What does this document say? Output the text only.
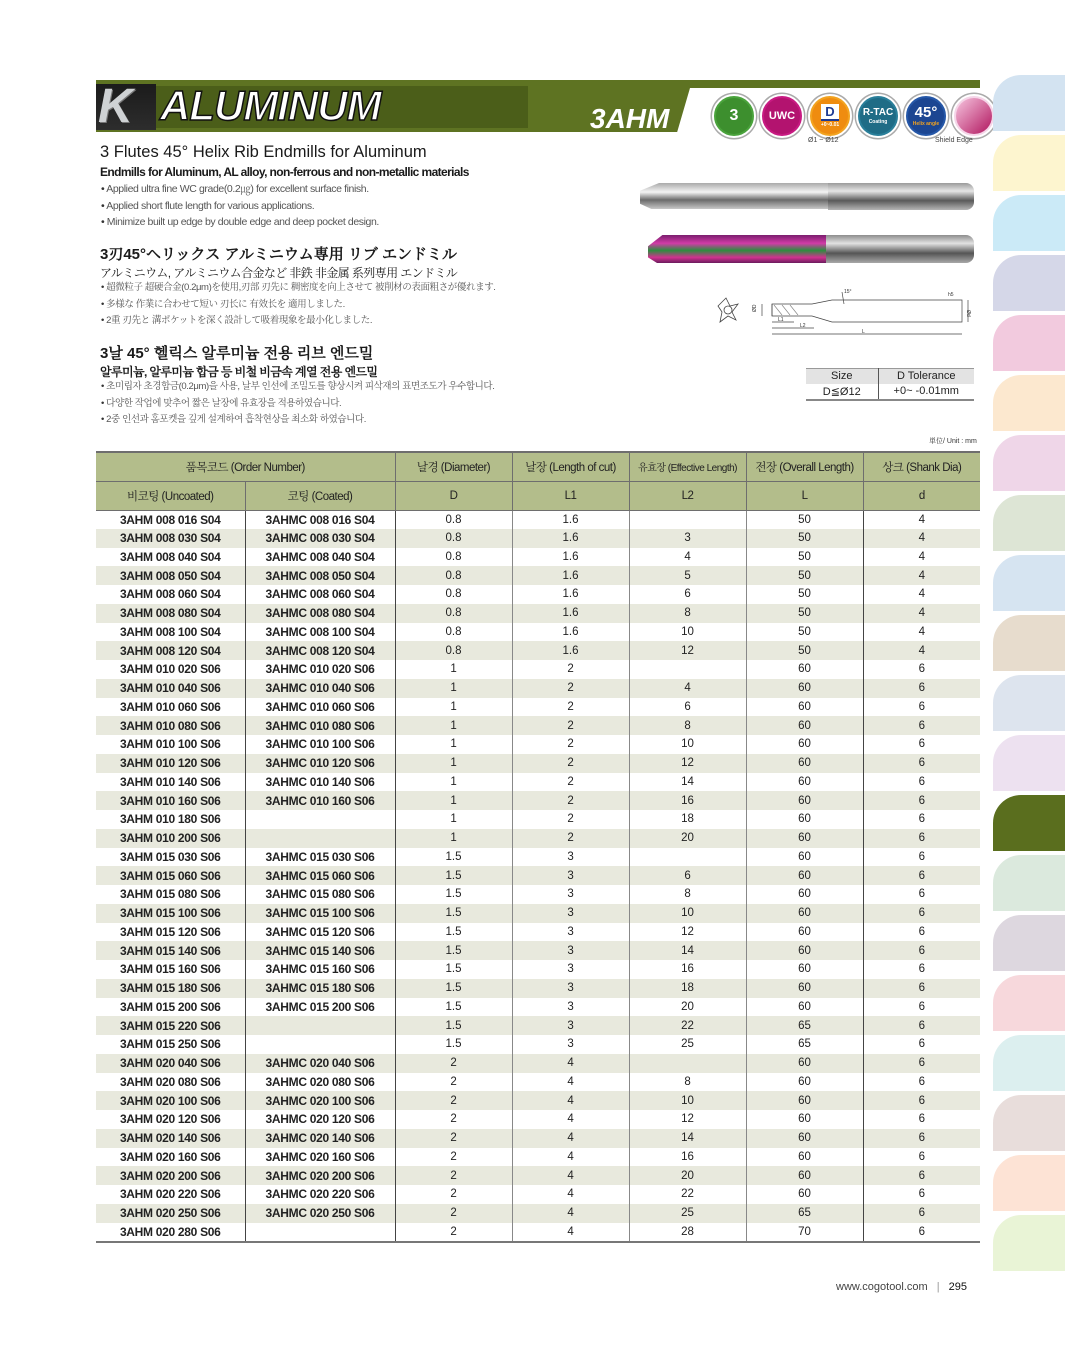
K ALUMINUM	3AHM	3	UWC	D
+0~0.01
R-TAC
Coating
45°
Helix angle
Ø1 ~ Ø12	Shield Edge
3 Flutes 45° Helix Rib Endmills for Aluminum
Endmills for Aluminum, AL alloy, non-ferrous and non-metallic materials
• Applied ultra fine WC grade(0.2㎍) for excellent surface finish.
• Applied short flute length for various applications.
• Minimize built up edge by double edge and deep pocket design.
3刃45°ヘリックス アルミニウム専用 リブ エンドミル
アルミニウム, アルミニウム合金など 非鉄 非金属 系列専用 エンドミル
• 超微粒子 超硬合金(0.2μm)を使用,刃部 刃先に 稠密度を向上させて 被削材の表面粗さが優れます.
• 多様な 作業に合わせて短い 刃长に 有效长を 適用しました.
• 2重 刃先と 溝ポケットを深く設計して吸着現象を最小化しました.
3날 45° 헬릭스 알루미늄 전용 리브 엔드밀
알루미늄, 알루미늄 합금 등 비철 비금속 계열 전용 엔드밀
• 초미립자 초경합금(0.2μm)을 사용, 날부 인선에 조밀도를 향상시켜 피삭재의 표면조도가 우수합니다.
• 다양한 작업에 맞추어 짧은 날장에 유효장을 적용하였습니다.
• 2중 인선과 홈포켓을 깊게 설계하여 흡착현상을 최소화 하였습니다.
ØD
Ød
L1
L2
L
15°	h5
Size	D Tolerance
D≦Ø12	+0~ -0.01mm
単位/ Unit : mm
품목코드 (Order Number)		날경 (Diameter)	날장 (Length of cut)	유효장 (Effective Length)	전장 (Overall Length)	상크 (Shank Dia)
비코팅 (Uncoated)	코팅 (Coated)	D	L1	L2	L	d
3AHM 008 016 S04	3AHMC 008 016 S04	0.8	1.6		50	4
3AHM 008 030 S04	3AHMC 008 030 S04	0.8	1.6	3	50	4
3AHM 008 040 S04	3AHMC 008 040 S04	0.8	1.6	4	50	4
3AHM 008 050 S04	3AHMC 008 050 S04	0.8	1.6	5	50	4
3AHM 008 060 S04	3AHMC 008 060 S04	0.8	1.6	6	50	4
3AHM 008 080 S04	3AHMC 008 080 S04	0.8	1.6	8	50	4
3AHM 008 100 S04	3AHMC 008 100 S04	0.8	1.6	10	50	4
3AHM 008 120 S04	3AHMC 008 120 S04	0.8	1.6	12	50	4
3AHM 010 020 S06	3AHMC 010 020 S06	1	2		60	6
3AHM 010 040 S06	3AHMC 010 040 S06	1	2	4	60	6
3AHM 010 060 S06	3AHMC 010 060 S06	1	2	6	60	6
3AHM 010 080 S06	3AHMC 010 080 S06	1	2	8	60	6
3AHM 010 100 S06	3AHMC 010 100 S06	1	2	10	60	6
3AHM 010 120 S06	3AHMC 010 120 S06	1	2	12	60	6
3AHM 010 140 S06	3AHMC 010 140 S06	1	2	14	60	6
3AHM 010 160 S06	3AHMC 010 160 S06	1	2	16	60	6
3AHM 010 180 S06		1	2	18	60	6
3AHM 010 200 S06		1	2	20	60	6
3AHM 015 030 S06	3AHMC 015 030 S06	1.5	3		60	6
3AHM 015 060 S06	3AHMC 015 060 S06	1.5	3	6	60	6
3AHM 015 080 S06	3AHMC 015 080 S06	1.5	3	8	60	6
3AHM 015 100 S06	3AHMC 015 100 S06	1.5	3	10	60	6
3AHM 015 120 S06	3AHMC 015 120 S06	1.5	3	12	60	6
3AHM 015 140 S06	3AHMC 015 140 S06	1.5	3	14	60	6
3AHM 015 160 S06	3AHMC 015 160 S06	1.5	3	16	60	6
3AHM 015 180 S06	3AHMC 015 180 S06	1.5	3	18	60	6
3AHM 015 200 S06	3AHMC 015 200 S06	1.5	3	20	60	6
3AHM 015 220 S06		1.5	3	22	65	6
3AHM 015 250 S06		1.5	3	25	65	6
3AHM 020 040 S06	3AHMC 020 040 S06	2	4		60	6
3AHM 020 080 S06	3AHMC 020 080 S06	2	4	8	60	6
3AHM 020 100 S06	3AHMC 020 100 S06	2	4	10	60	6
3AHM 020 120 S06	3AHMC 020 120 S06	2	4	12	60	6
3AHM 020 140 S06	3AHMC 020 140 S06	2	4	14	60	6
3AHM 020 160 S06	3AHMC 020 160 S06	2	4	16	60	6
3AHM 020 200 S06	3AHMC 020 200 S06	2	4	20	60	6
3AHM 020 220 S06	3AHMC 020 220 S06	2	4	22	60	6
3AHM 020 250 S06	3AHMC 020 250 S06	2	4	25	65	6
3AHM 020 280 S06		2	4	28	70	6
www.cogotool.com | 295
